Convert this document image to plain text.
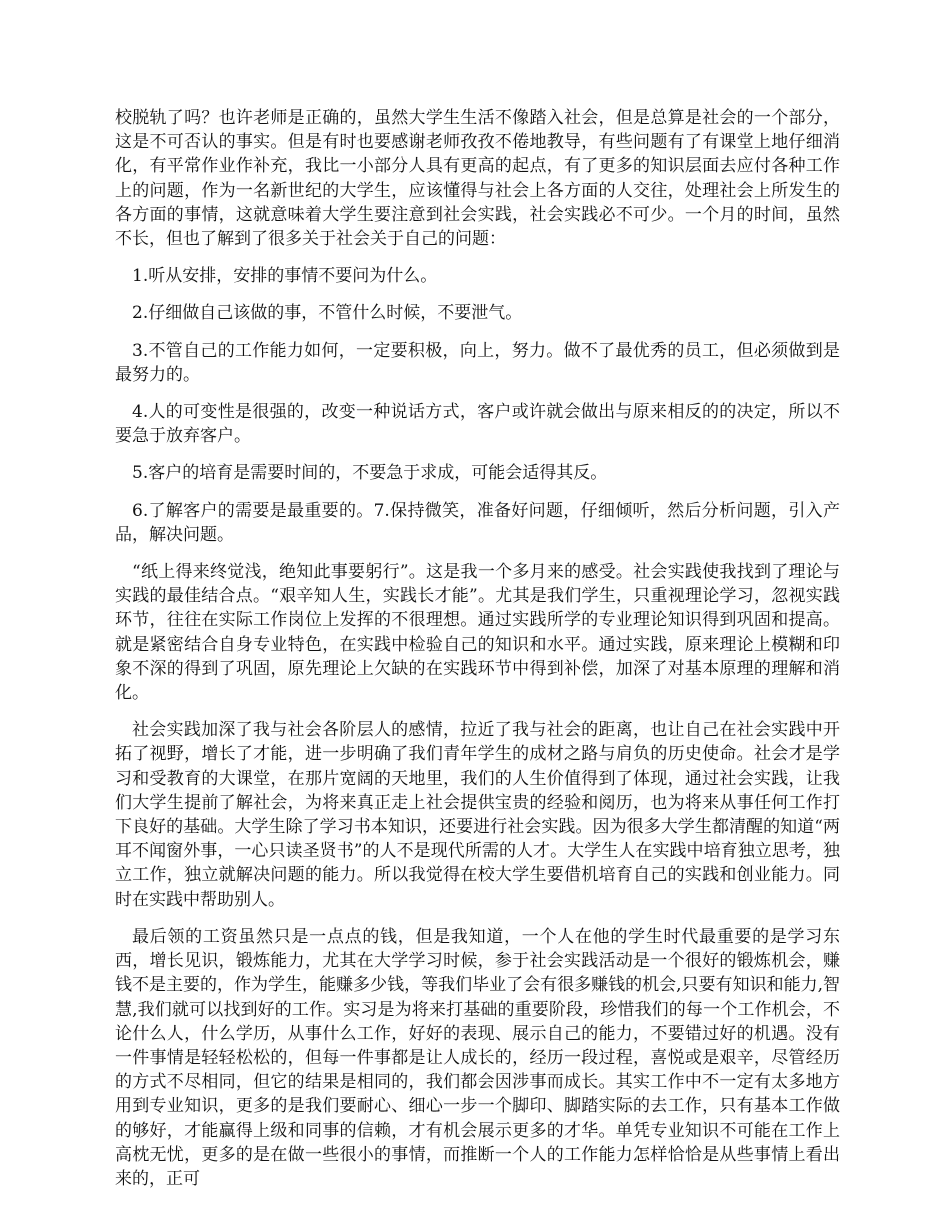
校脱轨了吗？也许老师是正确的，虽然大学生生活不像踏入社会，但是总算是社会的一个部分，这是不可否认的事实。但是有时也要感谢老师孜孜不倦地教导，有些问题有了有课堂上地仔细消化，有平常作业作补充，我比一小部分人具有更高的起点，有了更多的知识层面去应付各种工作上的问题，作为一名新世纪的大学生，应该懂得与社会上各方面的人交往，处理社会上所发生的各方面的事情，这就意味着大学生要注意到社会实践，社会实践必不可少。一个月的时间，虽然不长，但也了解到了很多关于社会关于自己的问题：

1.听从安排，安排的事情不要问为什么。

2.仔细做自己该做的事，不管什么时候，不要泄气。

3.不管自己的工作能力如何，一定要积极，向上，努力。做不了最优秀的员工，但必须做到是最努力的。

4.人的可变性是很强的，改变一种说话方式，客户或许就会做出与原来相反的的决定，所以不要急于放弃客户。

5.客户的培育是需要时间的，不要急于求成，可能会适得其反。

6.了解客户的需要是最重要的。7.保持微笑，准备好问题，仔细倾听，然后分析问题，引入产品，解决问题。

“纸上得来终觉浅，绝知此事要躬行”。这是我一个多月来的感受。社会实践使我找到了理论与实践的最佳结合点。“艰辛知人生，实践长才能”。尤其是我们学生，只重视理论学习，忽视实践环节，往往在实际工作岗位上发挥的不很理想。通过实践所学的专业理论知识得到巩固和提高。就是紧密结合自身专业特色，在实践中检验自己的知识和水平。通过实践，原来理论上模糊和印象不深的得到了巩固，原先理论上欠缺的在实践环节中得到补偿，加深了对基本原理的理解和消化。

社会实践加深了我与社会各阶层人的感情，拉近了我与社会的距离，也让自己在社会实践中开拓了视野，增长了才能，进一步明确了我们青年学生的成材之路与肩负的历史使命。社会才是学习和受教育的大课堂，在那片宽阔的天地里，我们的人生价值得到了体现，通过社会实践，让我们大学生提前了解社会，为将来真正走上社会提供宝贵的经验和阅历，也为将来从事任何工作打下良好的基础。大学生除了学习书本知识，还要进行社会实践。因为很多大学生都清醒的知道“两耳不闻窗外事，一心只读圣贤书”的人不是现代所需的人才。大学生人在实践中培育独立思考，独立工作，独立就解决问题的能力。所以我觉得在校大学生要借机培育自己的实践和创业能力。同时在实践中帮助别人。

最后领的工资虽然只是一点点的钱，但是我知道，一个人在他的学生时代最重要的是学习东西，增长见识，锻炼能力，尤其在大学学习时候，参于社会实践活动是一个很好的锻炼机会，赚钱不是主要的，作为学生，能赚多少钱，等我们毕业了会有很多赚钱的机会,只要有知识和能力,智慧,我们就可以找到好的工作。实习是为将来打基础的重要阶段，珍惜我们的每一个工作机会，不论什么人，什么学历，从事什么工作，好好的表现、展示自己的能力，不要错过好的机遇。没有一件事情是轻轻松松的，但每一件事都是让人成长的，经历一段过程，喜悦或是艰辛，尽管经历的方式不尽相同，但它的结果是相同的，我们都会因涉事而成长。其实工作中不一定有太多地方用到专业知识，更多的是我们要耐心、细心一步一个脚印、脚踏实际的去工作，只有基本工作做的够好，才能赢得上级和同事的信赖，才有机会展示更多的才华。单凭专业知识不可能在工作上高枕无忧，更多的是在做一些很小的事情，而推断一个人的工作能力怎样恰恰是从些事情上看出来的，正可
